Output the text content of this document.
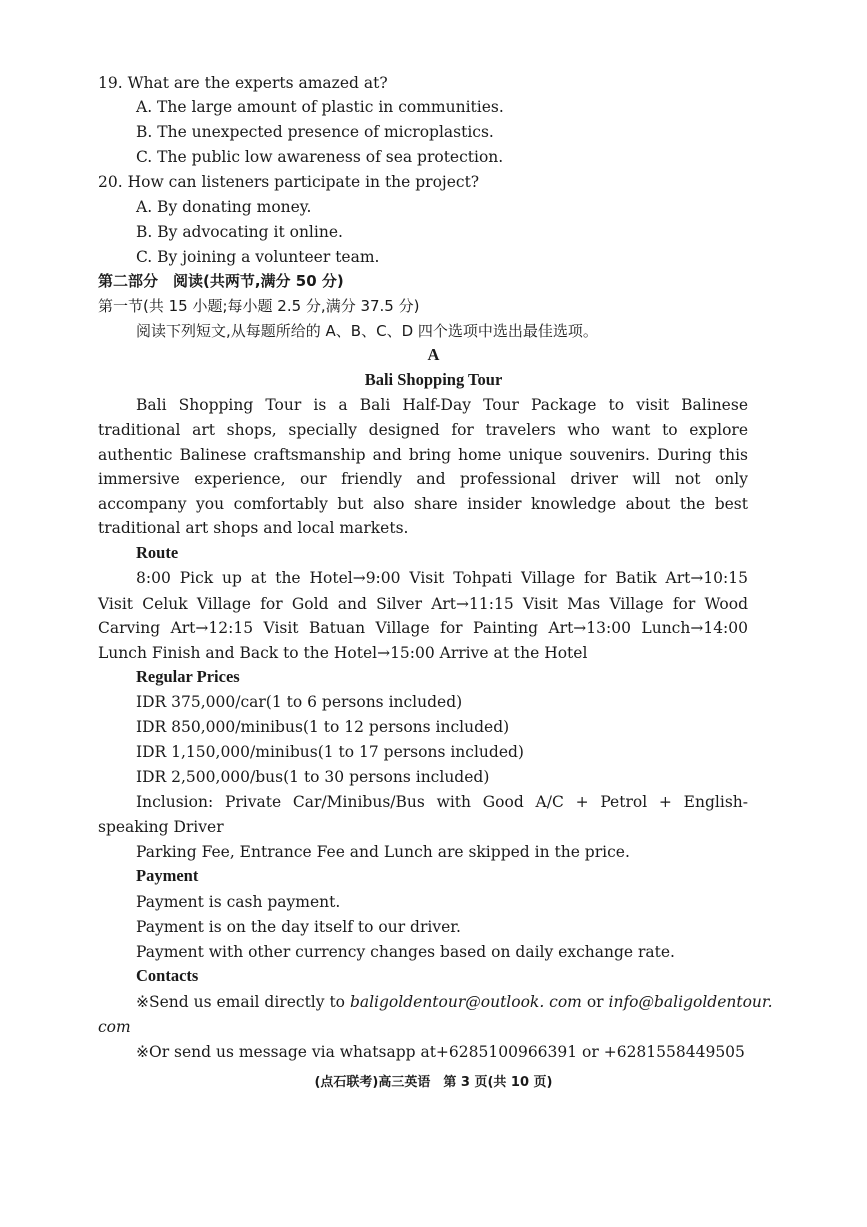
19. What are the experts amazed at?
A. The large amount of plastic in communities.
B. The unexpected presence of microplastics.
C. The public low awareness of sea protection.
20. How can listeners participate in the project?
A. By donating money.
B. By advocating it online.
C. By joining a volunteer team.
第二部分　阅读(共两节,满分 50 分)
第一节(共 15 小题;每小题 2.5 分,满分 37.5 分)
阅读下列短文,从每题所给的 A、B、C、D 四个选项中选出最佳选项。
A
Bali Shopping Tour
Bali Shopping Tour is a Bali Half-Day Tour Package to visit Balinese
traditional art shops, specially designed for travelers who want to explore
authentic Balinese craftsmanship and bring home unique souvenirs. During this
immersive experience, our friendly and professional driver will not only
accompany you comfortably but also share insider knowledge about the best
traditional art shops and local markets.
Route
8:00 Pick up at the Hotel→9:00 Visit Tohpati Village for Batik Art→10:15
Visit Celuk Village for Gold and Silver Art→11:15 Visit Mas Village for Wood
Carving Art→12:15 Visit Batuan Village for Painting Art→13:00 Lunch→14:00
Lunch Finish and Back to the Hotel→15:00 Arrive at the Hotel
Regular Prices
IDR 375,000/car(1 to 6 persons included)
IDR 850,000/minibus(1 to 12 persons included)
IDR 1,150,000/minibus(1 to 17 persons included)
IDR 2,500,000/bus(1 to 30 persons included)
Inclusion: Private Car/Minibus/Bus with Good A/C + Petrol + English-
speaking Driver
Parking Fee, Entrance Fee and Lunch are skipped in the price.
Payment
Payment is cash payment.
Payment is on the day itself to our driver.
Payment with other currency changes based on daily exchange rate.
Contacts
※Send us email directly to baligoldentour@outlook. com or info@baligoldentour.
com
※Or send us message via whatsapp at+6285100966391 or +6281558449505
(点石联考)高三英语　第 3 页(共 10 页)
